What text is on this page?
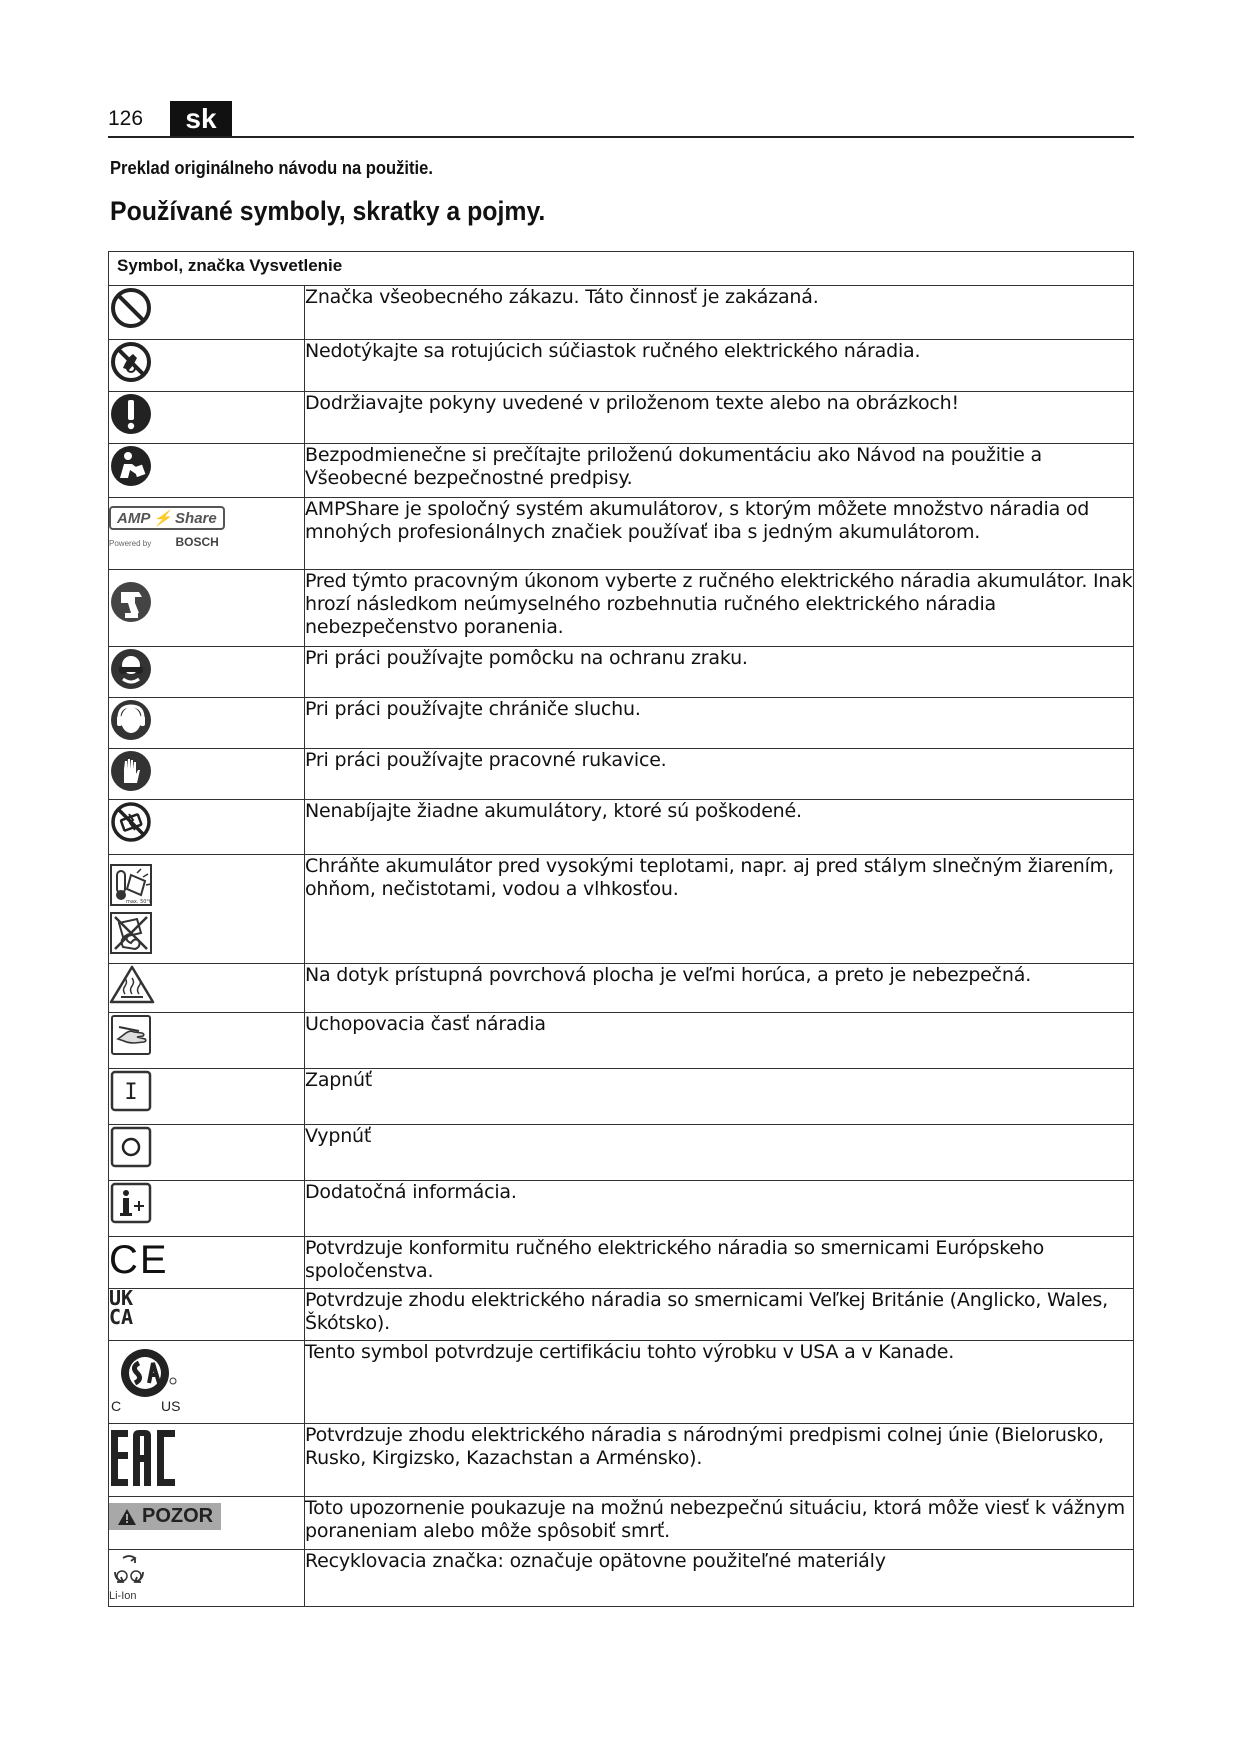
126	sk
Preklad originálneho návodu na použitie.
Používané symboly, skratky a pojmy.
Symbol, značka Vysvetlenie	

	Značka všeobecného zákazu. Táto činnosť je zakázaná.

	Nedotýkajte sa rotujúcich súčiastok ručného elektrického náradia.

	Dodržiavajte pokyny uvedené v priloženom texte alebo na obrázkoch!

	Bezpodmienečne si prečítajte priloženú dokumentáciu ako Návod na použitie a Všeobecné bezpečnostné predpisy.

AMP ⚡ Share
Powered by BOSCH	AMPShare je spoločný systém akumulátorov, s ktorým môžete množstvo náradia od mnohých profesionálnych značiek používať iba s jedným akumulátorom.

	Pred týmto pracovným úkonom vyberte z ručného elektrického náradia akumulátor. Inak hrozí následkom neúmyselného rozbehnutia ručného elektrického náradia nebezpečenstvo poranenia.

	Pri práci používajte pomôcku na ochranu zraku.

	Pri práci používajte chrániče sluchu.

	Pri práci používajte pracovné rukavice.

	Nenabíjajte žiadne akumulátory, ktoré sú poškodené.

max. 50°C	Chráňte akumulátor pred vysokými teplotami, napr. aj pred stálym slnečným žiarením, ohňom, nečistotami, vodou a vlhkosťou.

	Na dotyk prístupná povrchová plocha je veľmi horúca, a preto je nebezpečná.

	Uchopovacia časť náradia

I	Zapnúť

	Vypnúť

	Dodatočná informácia.
CE	Potvrdzuje konformitu ručného elektrického náradia so smernicami Európskeho spoločenstva.

UK
CA	Potvrdzuje zhodu elektrického náradia so smernicami Veľkej Británie (Anglicko, Wales, Škótsko).

C US	Tento symbol potvrdzuje certifikáciu tohto výrobku v USA a v Kanade.

	Potvrdzuje zhodu elektrického náradia s národnými predpismi colnej únie (Bielorusko, Rusko, Kirgizsko, Kazachstan a Arménsko).

POZOR	Toto upozornenie poukazuje na možnú nebezpečnú situáciu, ktorá môže viesť k vážnym poraneniam alebo môže spôsobiť smrť.

Li-Ion	Recyklovacia značka: označuje opätovne použiteľné materiály
